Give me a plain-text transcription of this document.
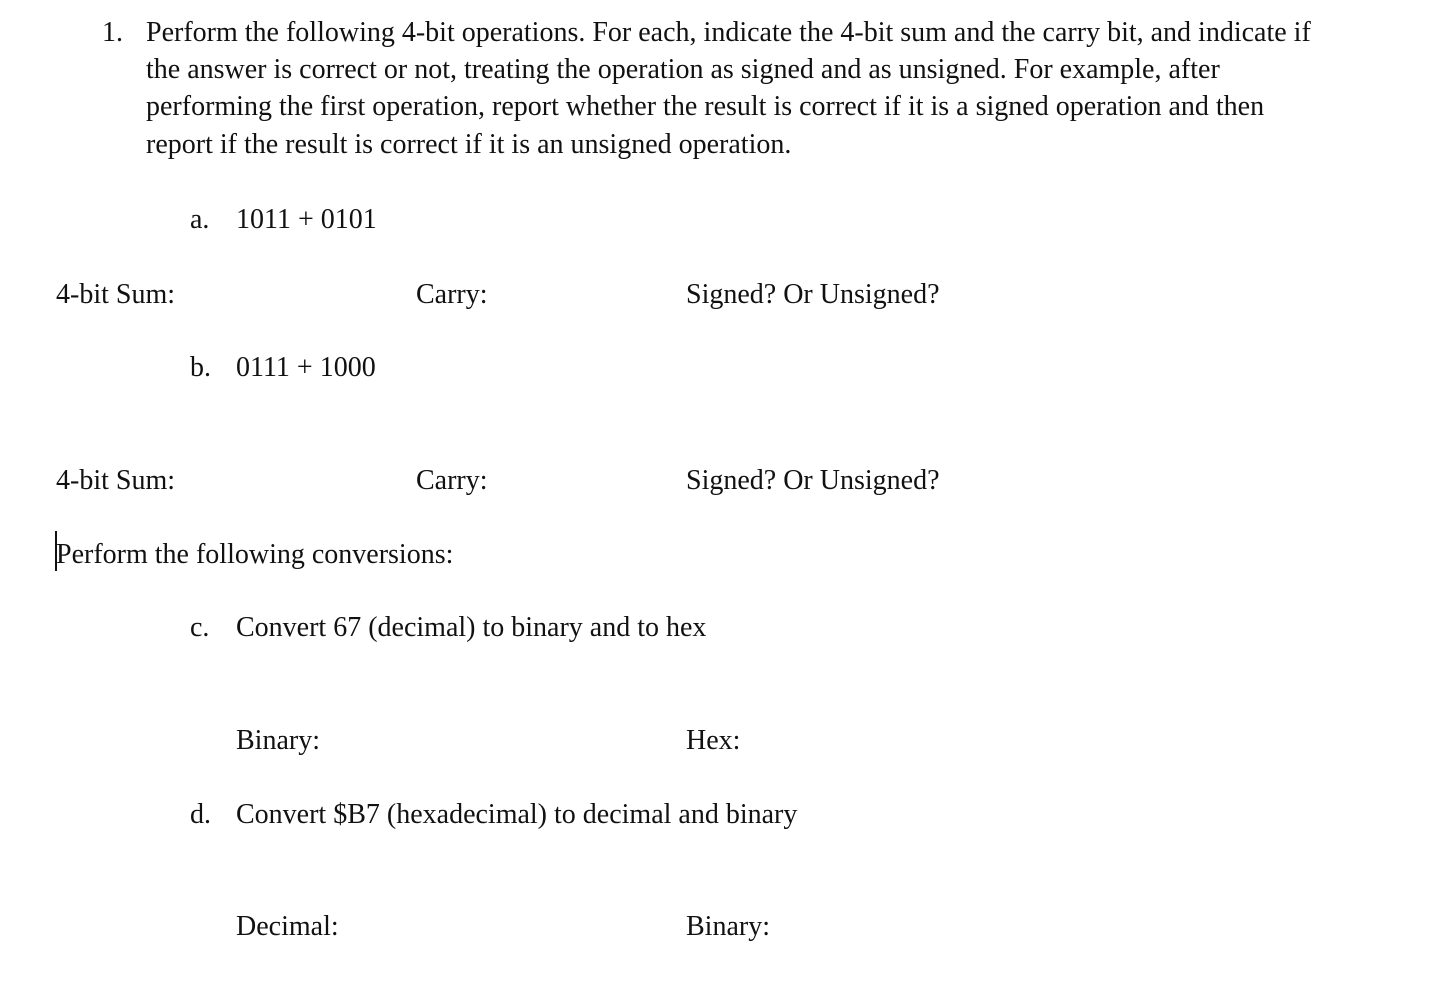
1. Perform the following 4-bit operations. For each, indicate the 4-bit sum and the carry bit, and indicate if
the answer is correct or not, treating the operation as signed and as unsigned. For example, after
performing the first operation, report whether the result is correct if it is a signed operation and then
report if the result is correct if it is an unsigned operation.
a. 1011 + 0101
4-bit Sum:	Carry:	Signed? Or Unsigned?
b. 0111 + 1000
4-bit Sum:	Carry:	Signed? Or Unsigned?
Perform the following conversions:
c. Convert 67 (decimal) to binary and to hex
Binary:	Hex:
d. Convert $B7 (hexadecimal) to decimal and binary
Decimal:	Binary:
